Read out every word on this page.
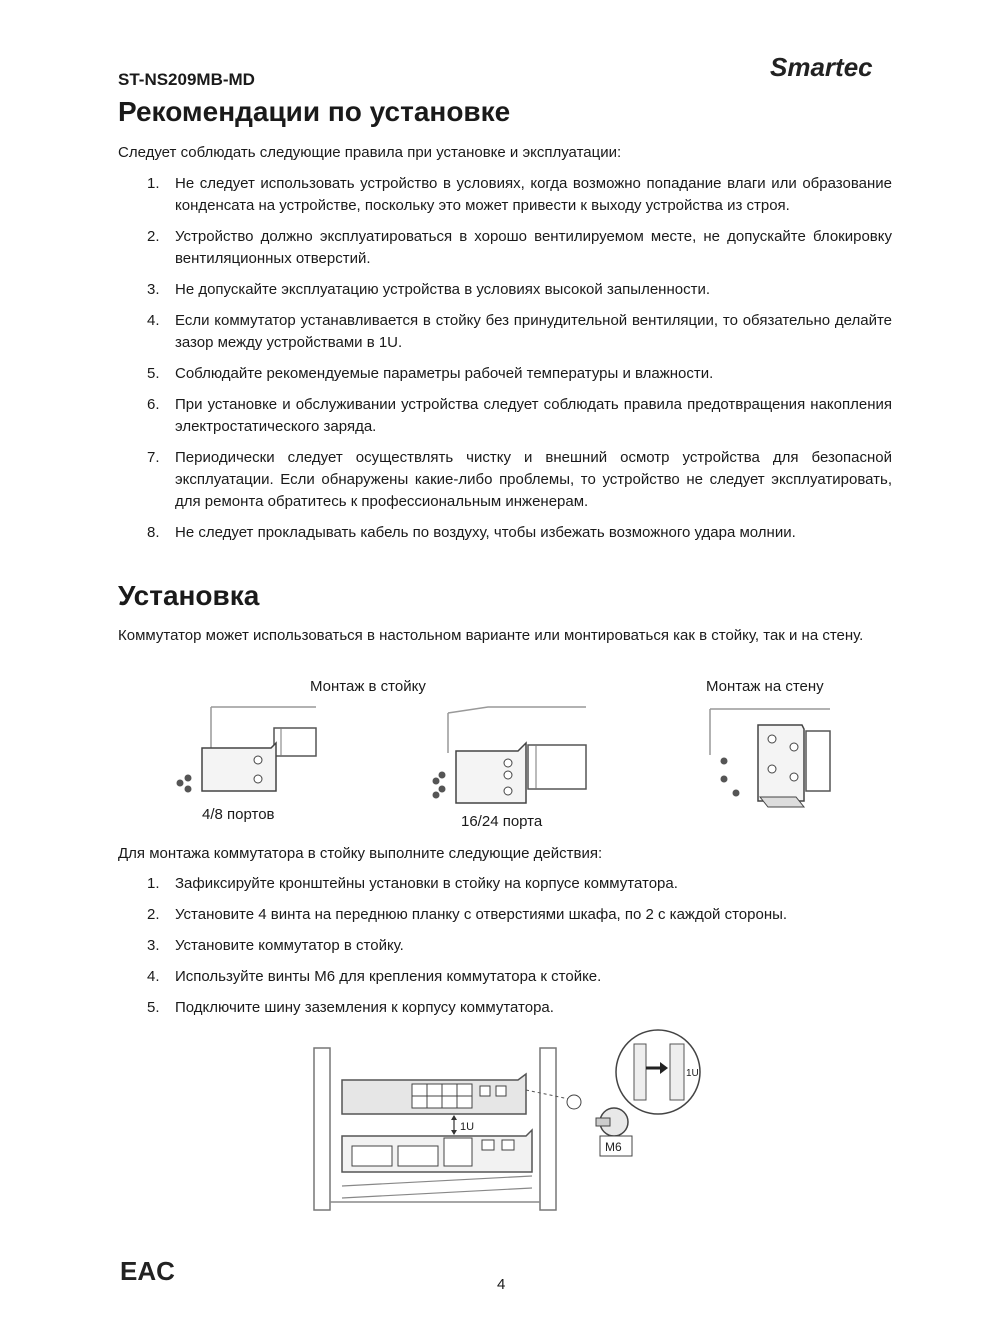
ST-NS209MB-MD	Smartec
Рекомендации по установке
Следует соблюдать следующие правила при установке и эксплуатации:
1. Не следует использовать устройство в условиях, когда возможно попадание влаги или образование конденсата на устройстве, поскольку это может привести к выходу устройства из строя.
2. Устройство должно эксплуатироваться в хорошо вентилируемом месте, не допускайте блокировку вентиляционных отверстий.
3. Не допускайте эксплуатацию устройства в условиях высокой запыленности.
4. Если коммутатор устанавливается в стойку без принудительной вентиляции, то обязательно делайте зазор между устройствами в 1U.
5. Соблюдайте рекомендуемые параметры рабочей температуры и влажности.
6. При установке и обслуживании устройства следует соблюдать правила предотвращения накопления электростатического заряда.
7. Периодически следует осуществлять чистку и внешний осмотр устройства для безопасной эксплуатации. Если обнаружены какие-либо проблемы, то устройство не следует эксплуатировать, для ремонта обратитесь к профессиональным инженерам.
8. Не следует прокладывать кабель по воздуху, чтобы избежать возможного удара молнии.
Установка
Коммутатор может использоваться в настольном варианте или монтироваться как в стойку, так и на стену.
Монтаж в стойку	Монтаж на стену
4/8 портов	16/24 порта
Для монтажа коммутатора в стойку выполните следующие действия:
1. Зафиксируйте кронштейны установки в стойку на корпусе коммутатора.
2. Установите 4 винта на переднюю планку с отверстиями шкафа, по 2 с каждой стороны.
3. Установите коммутатор в стойку.
4. Используйте винты M6 для крепления коммутатора к стойке.
5. Подключите шину заземления к корпусу коммутатора.
1U
M6
1U
EAC	4
